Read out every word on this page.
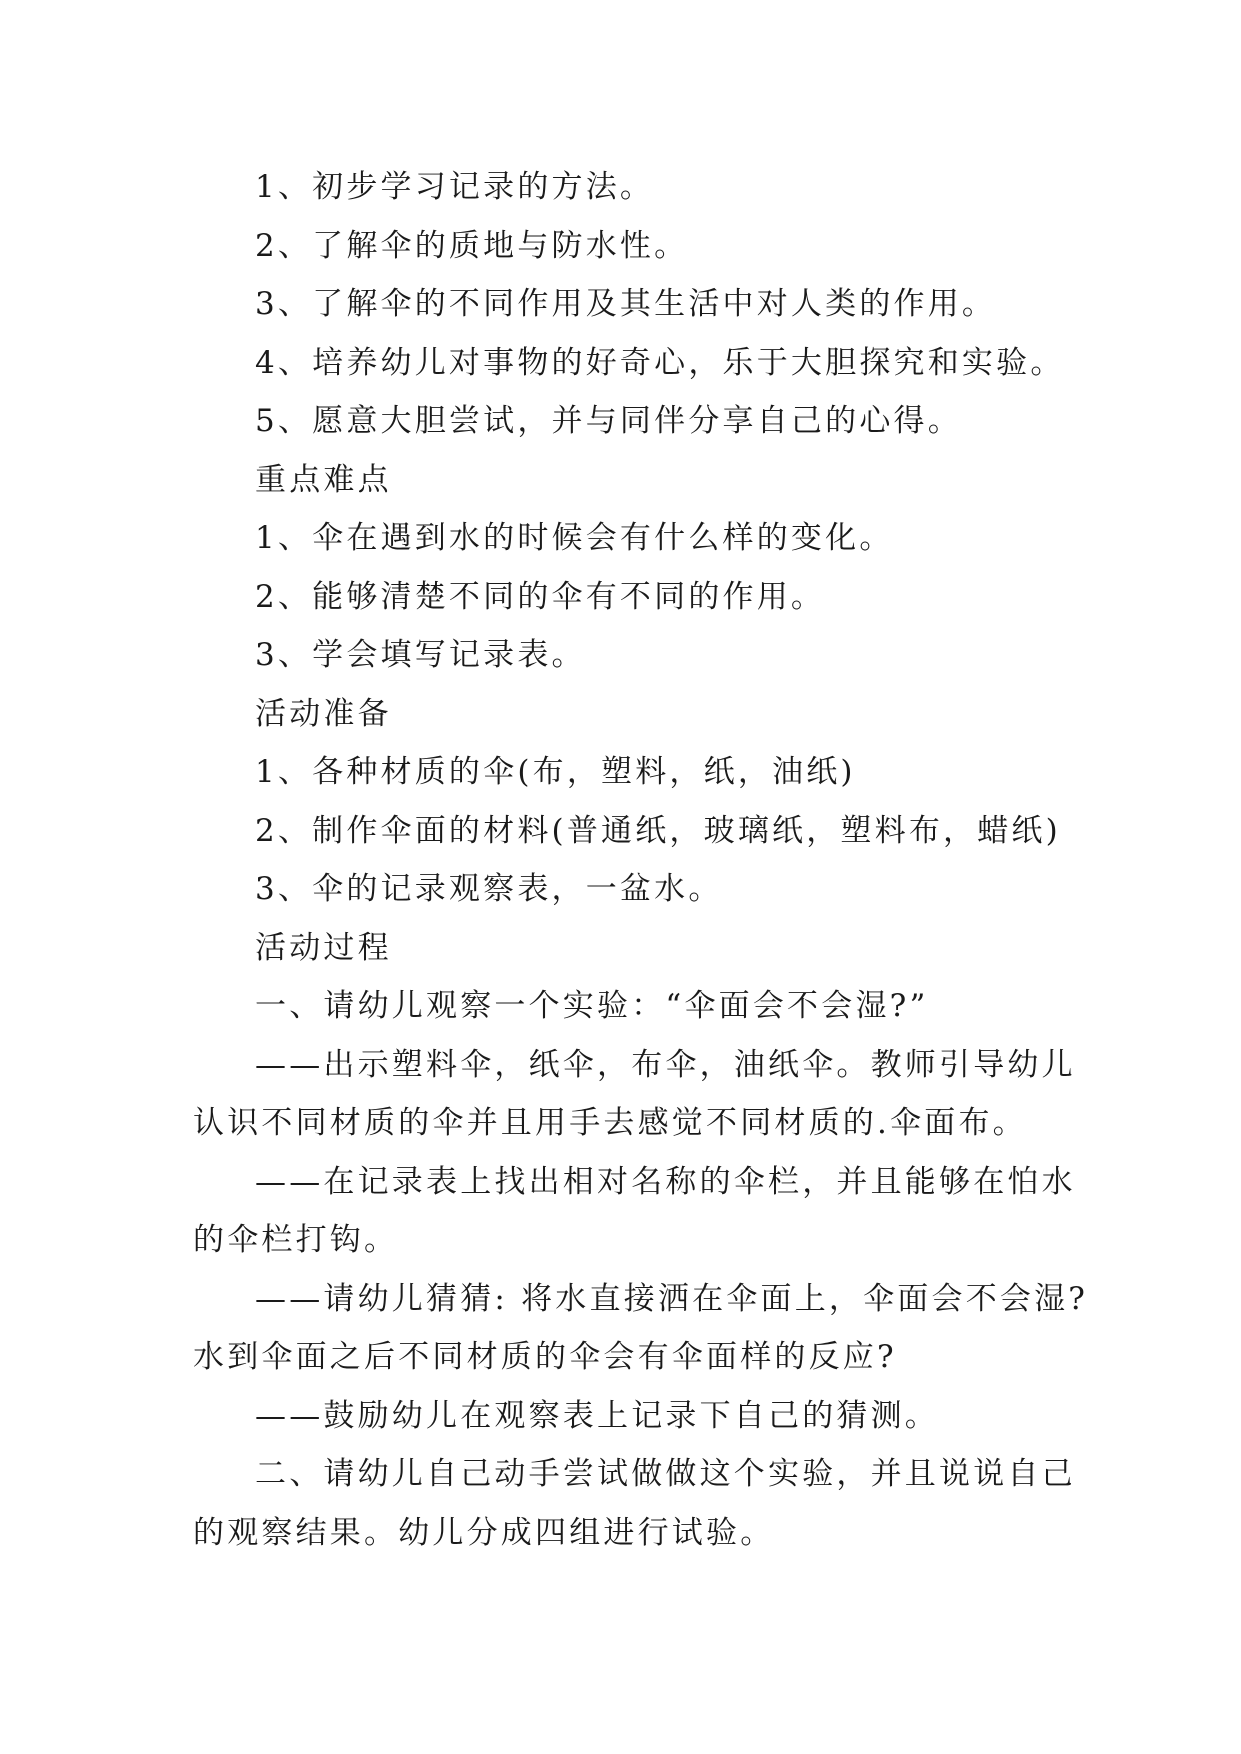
1、初步学习记录的方法。

2、了解伞的质地与防水性。

3、了解伞的不同作用及其生活中对人类的作用。

4、培养幼儿对事物的好奇心，乐于大胆探究和实验。

5、愿意大胆尝试，并与同伴分享自己的心得。

重点难点

1、伞在遇到水的时候会有什么样的变化。

2、能够清楚不同的伞有不同的作用。

3、学会填写记录表。

活动准备

1、各种材质的伞(布，塑料，纸，油纸)

2、制作伞面的材料(普通纸，玻璃纸，塑料布，蜡纸)

3、伞的记录观察表，一盆水。

活动过程

一、请幼儿观察一个实验：“伞面会不会湿?”

——出示塑料伞，纸伞，布伞，油纸伞。教师引导幼儿

认识不同材质的伞并且用手去感觉不同材质的.伞面布。

——在记录表上找出相对名称的伞栏，并且能够在怕水

的伞栏打钩。

——请幼儿猜猜: 将水直接洒在伞面上，伞面会不会湿?

水到伞面之后不同材质的伞会有伞面样的反应?

——鼓励幼儿在观察表上记录下自己的猜测。

二、请幼儿自己动手尝试做做这个实验，并且说说自己

的观察结果。幼儿分成四组进行试验。
